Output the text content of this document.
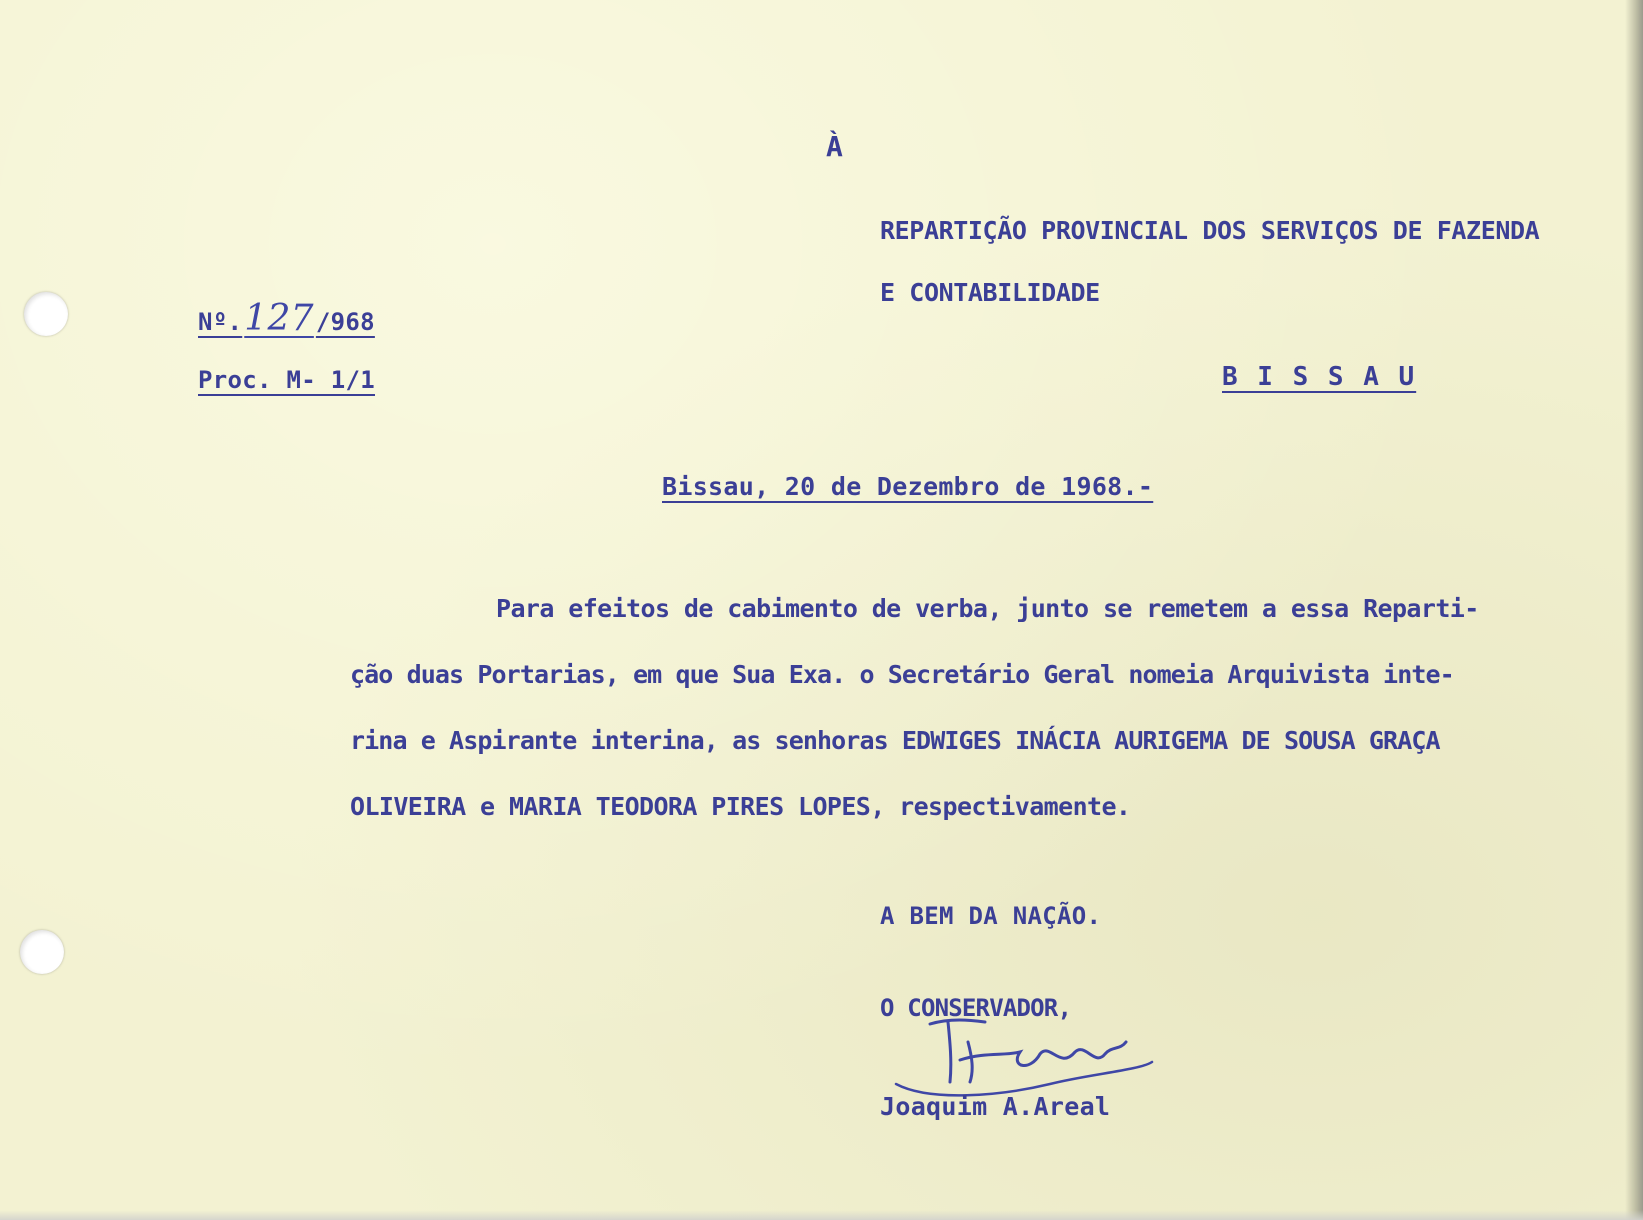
À
REPARTIÇÃO PROVINCIAL DOS SERVIÇOS DE FAZENDA
E CONTABILIDADE
Nº.127/968
Proc. M- 1/1	B I S S A U
Bissau, 20 de Dezembro de 1968.-
Para efeitos de cabimento de verba, junto se remetem a essa Reparti-
ção duas Portarias, em que Sua Exa. o Secretário Geral nomeia Arquivista inte-
rina e Aspirante interina, as senhoras EDWIGES INÁCIA AURIGEMA DE SOUSA GRAÇA
OLIVEIRA e MARIA TEODORA PIRES LOPES, respectivamente.
A BEM DA NAÇÃO.
O CONSERVADOR,
Joaquim A.Areal
